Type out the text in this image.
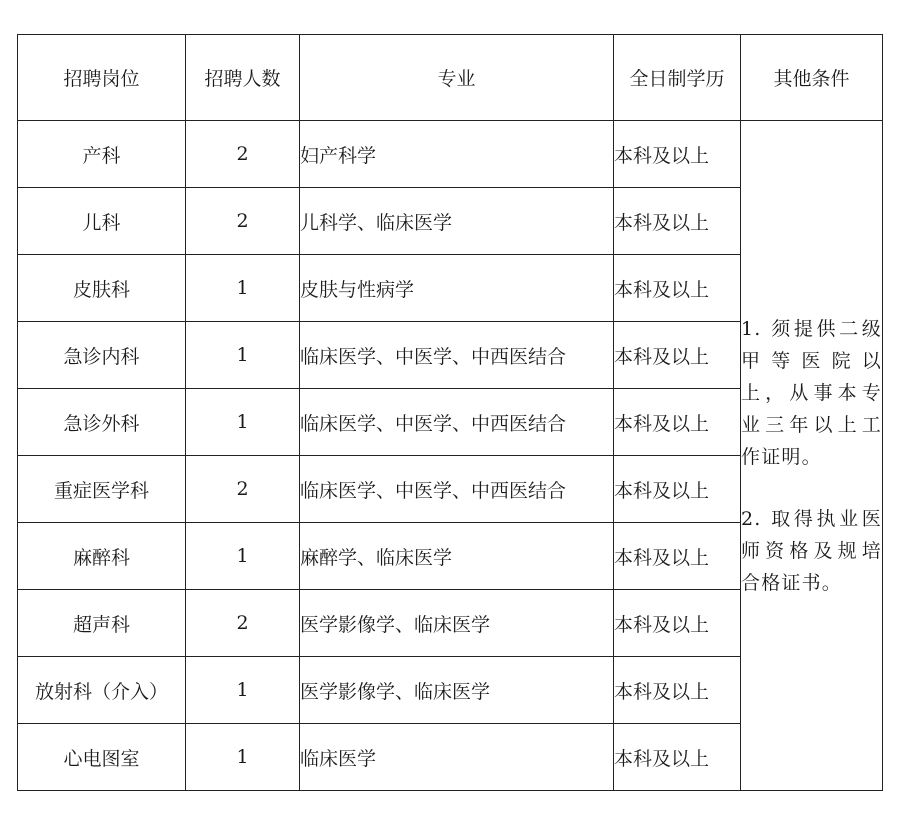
招聘岗位	招聘人数	专业	全日制学历	其他条件
产科	2	妇产科学	本科及以上	1. 须提供二级甲等医院以上，从事本专业三年以上工作证明。

2. 取得执业医师资格及规培合格证书。

儿科	2	儿科学、临床医学	本科及以上	
皮肤科	1	皮肤与性病学	本科及以上	
急诊内科	1	临床医学、中医学、中西医结合	本科及以上	
急诊外科	1	临床医学、中医学、中西医结合	本科及以上	
重症医学科	2	临床医学、中医学、中西医结合	本科及以上	
麻醉科	1	麻醉学、临床医学	本科及以上	
超声科	2	医学影像学、临床医学	本科及以上	
放射科（介入）	1	医学影像学、临床医学	本科及以上	
心电图室	1	临床医学	本科及以上	
